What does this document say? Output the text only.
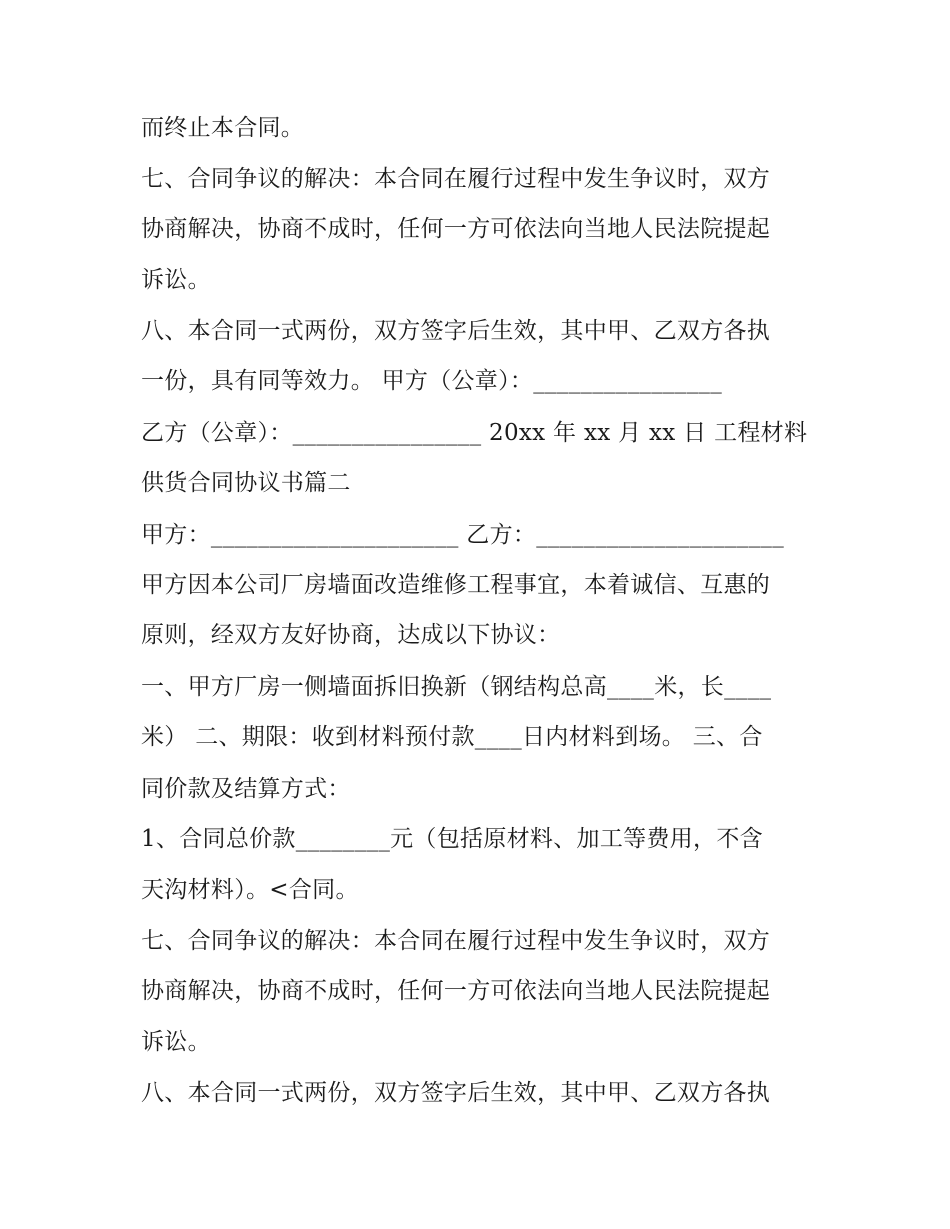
而终止本合同。
七、合同争议的解决：本合同在履行过程中发生争议时，双方
协商解决，协商不成时，任何一方可依法向当地人民法院提起
诉讼。
八、本合同一式两份，双方签字后生效，其中甲、乙双方各执
一份，具有同等效力。 甲方（公章）：________________
乙方（公章）：________________ 20xx 年 xx 月 xx 日 工程材料
供货合同协议书篇二
甲方：_____________________ 乙方：_____________________
甲方因本公司厂房墙面改造维修工程事宜，本着诚信、互惠的
原则，经双方友好协商，达成以下协议：
一、甲方厂房一侧墙面拆旧换新（钢结构总高____米，长____
米） 二、期限：收到材料预付款____日内材料到场。 三、合
同价款及结算方式：
1、合同总价款________元（包括原材料、加工等费用，不含
天沟材料）。<合同。
七、合同争议的解决：本合同在履行过程中发生争议时，双方
协商解决，协商不成时，任何一方可依法向当地人民法院提起
诉讼。
八、本合同一式两份，双方签字后生效，其中甲、乙双方各执
